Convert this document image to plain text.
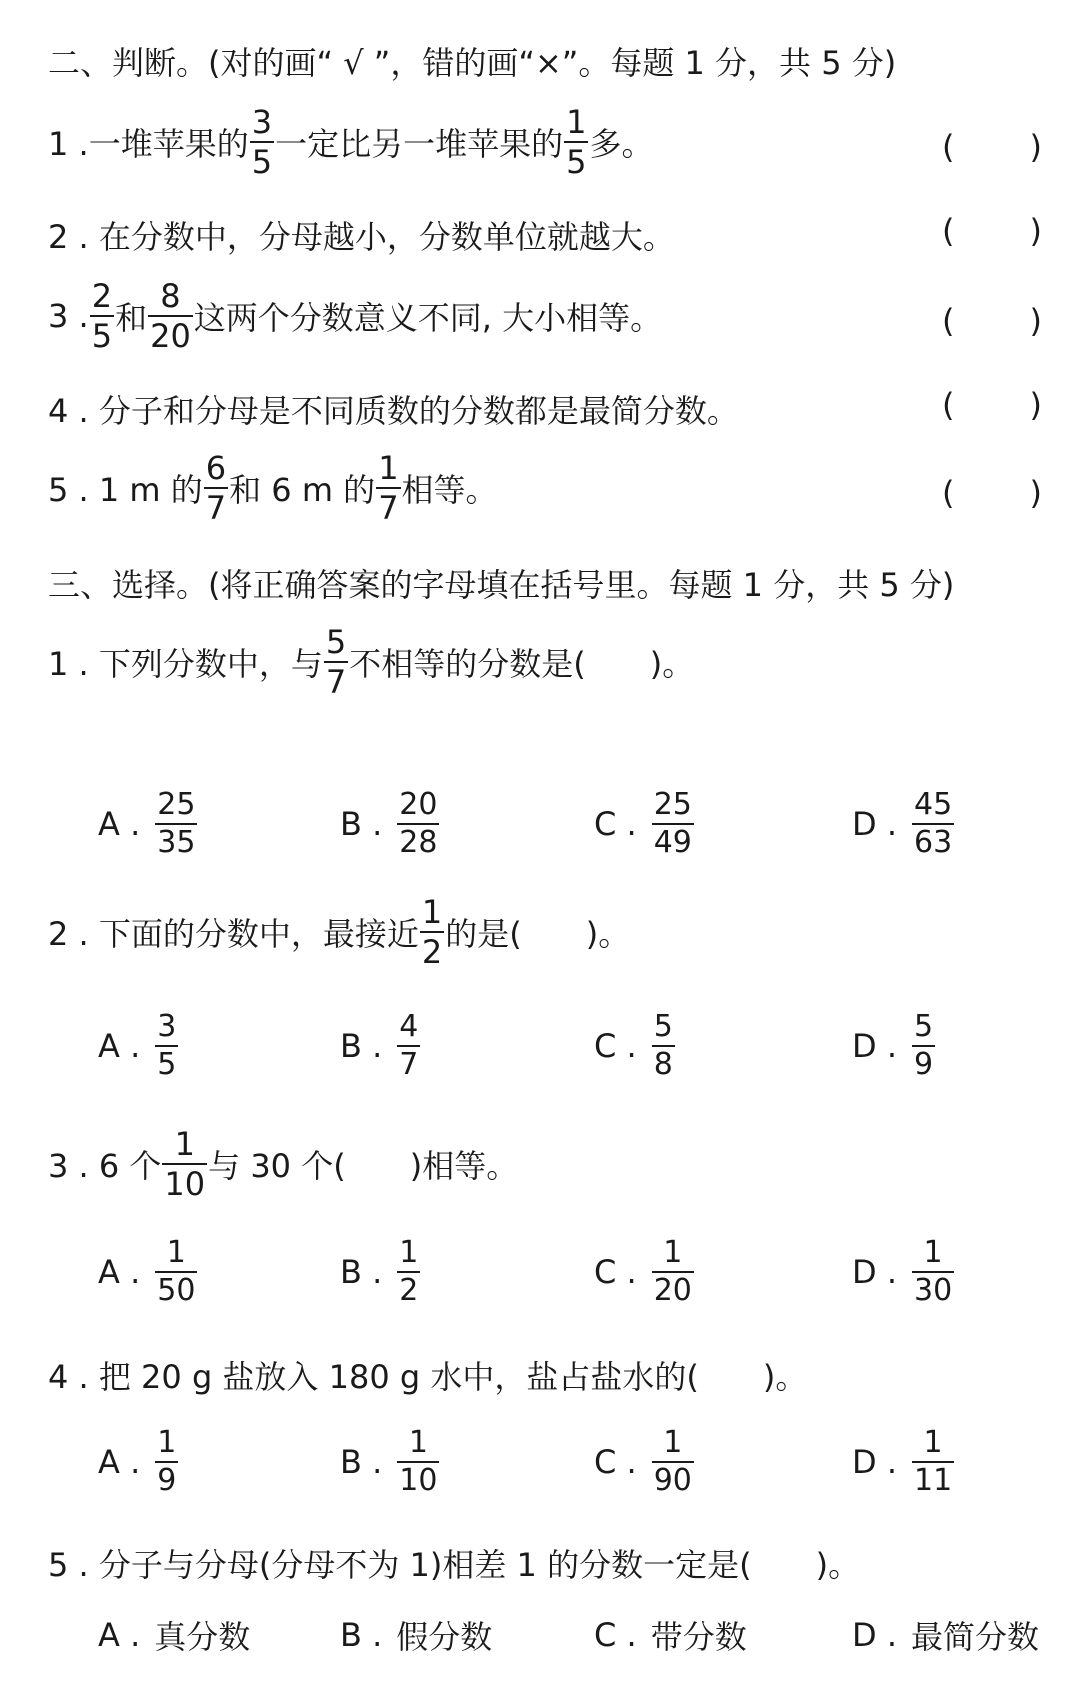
二、判断。(对的画“ √ ”，错的画“×”。每题 1 分，共 5 分)
1 .一堆苹果的 $\frac{3}{5}$ 一定比另一堆苹果的 $\frac{1}{5}$ 多。	( )
2 . 在分数中，分母越小，分数单位就越大。	( )
3 . $\frac{2}{5}$ 和 $\frac{8}{20}$ 这两个分数意义不同, 大小相等。	( )
4 . 分子和分母是不同质数的分数都是最简分数。	( )
5 . 1 m 的 $\frac{6}{7}$ 和 6 m 的 $\frac{1}{7}$ 相等。	( )
三、选择。(将正确答案的字母填在括号里。每题 1 分，共 5 分)
1 . 下列分数中，与 $\frac{5}{7}$ 不相等的分数是( )。
A . $\frac{25}{35}$	B . $\frac{20}{28}$	C . $\frac{25}{49}$	D . $\frac{45}{63}$
2 . 下面的分数中，最接近 $\frac{1}{2}$ 的是( )。
A . $\frac{3}{5}$	B . $\frac{4}{7}$	C . $\frac{5}{8}$	D . $\frac{5}{9}$
3 . 6 个 $\frac{1}{10}$ 与 30 个( )相等。
A . $\frac{1}{50}$	B . $\frac{1}{2}$	C . $\frac{1}{20}$	D . $\frac{1}{30}$
4 . 把 20 g 盐放入 180 g 水中，盐占盐水的( )。
A . $\frac{1}{9}$	B . $\frac{1}{10}$	C . $\frac{1}{90}$	D . $\frac{1}{11}$
5 . 分子与分母(分母不为 1)相差 1 的分数一定是( )。
A . 真分数	B . 假分数	C . 带分数	D . 最简分数
